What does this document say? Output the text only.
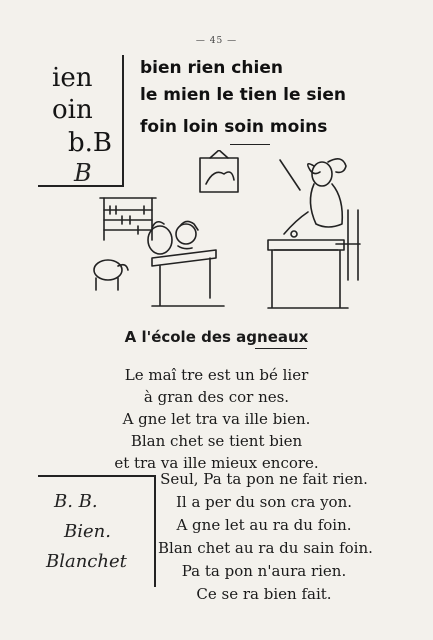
— 45 —
ien
oin
b.B
B
bien rien chien
le mien le tien le sien
foin loin soin moins
A l'école des agneaux
Le maî tre est un bé lier
à gran des cor nes.
A gne let tra va ille bien.
Blan chet se tient bien
et tra va ille mieux encore.
B. B.
Bien.
Blanchet
Seul, Pa ta pon ne fait rien.
Il a per du son cra yon.
A gne let au ra du foin.
Blan chet au ra du sain foin.
Pa ta pon n'aura rien.
Ce se ra bien fait.
